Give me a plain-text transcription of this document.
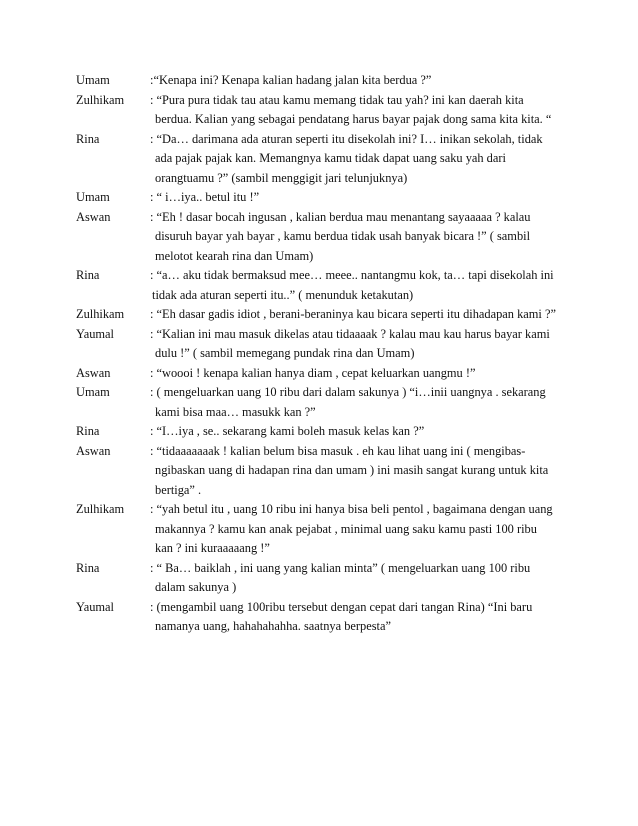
Umam	:“Kenapa ini? Kenapa kalian hadang jalan kita berdua ?”
Zulhikam	: “Pura pura tidak tau atau kamu memang tidak tau yah? ini kan daerah kita
berdua. Kalian yang sebagai pendatang harus bayar pajak dong sama kita kita. “
Rina	: “Da… darimana ada aturan seperti itu disekolah ini? I… inikan sekolah, tidak
ada pajak pajak kan. Memangnya kamu tidak dapat uang saku yah dari
orangtuamu ?” (sambil menggigit jari telunjuknya)
Umam	: “ i…iya.. betul itu !”
Aswan	: “Eh ! dasar bocah ingusan , kalian berdua mau menantang sayaaaaa ? kalau
disuruh bayar yah bayar , kamu berdua tidak usah banyak bicara !” ( sambil
melotot kearah rina dan Umam)
Rina	: “a… aku tidak bermaksud mee… meee.. nantangmu kok, ta… tapi disekolah ini
tidak ada aturan seperti itu..” ( menunduk ketakutan)
Zulhikam	: “Eh dasar gadis idiot , berani-beraninya kau bicara seperti itu dihadapan kami ?”
Yaumal	: “Kalian ini mau masuk dikelas atau tidaaaak ? kalau mau kau harus bayar kami
dulu !” ( sambil memegang pundak rina dan Umam)
Aswan	: “woooi ! kenapa kalian hanya diam , cepat keluarkan uangmu !”
Umam	: ( mengeluarkan uang 10 ribu dari dalam sakunya ) “i…inii uangnya . sekarang
kami bisa maa… masukk kan ?”
Rina	: “I…iya , se.. sekarang kami boleh masuk kelas kan ?”
Aswan	: “tidaaaaaaak ! kalian belum bisa masuk . eh kau lihat uang ini ( mengibas-
ngibaskan uang di hadapan rina dan umam ) ini masih sangat kurang untuk kita
bertiga” .
Zulhikam	: “yah betul itu , uang 10 ribu ini hanya bisa beli pentol , bagaimana dengan uang
makannya ? kamu kan anak pejabat , minimal uang saku kamu pasti 100 ribu
kan ? ini kuraaaaang !”
Rina	: “ Ba… baiklah , ini uang yang kalian minta” ( mengeluarkan uang 100 ribu
dalam sakunya )
Yaumal	: (mengambil uang 100ribu tersebut dengan cepat dari tangan Rina) “Ini baru
namanya uang, hahahahahha. saatnya berpesta”
